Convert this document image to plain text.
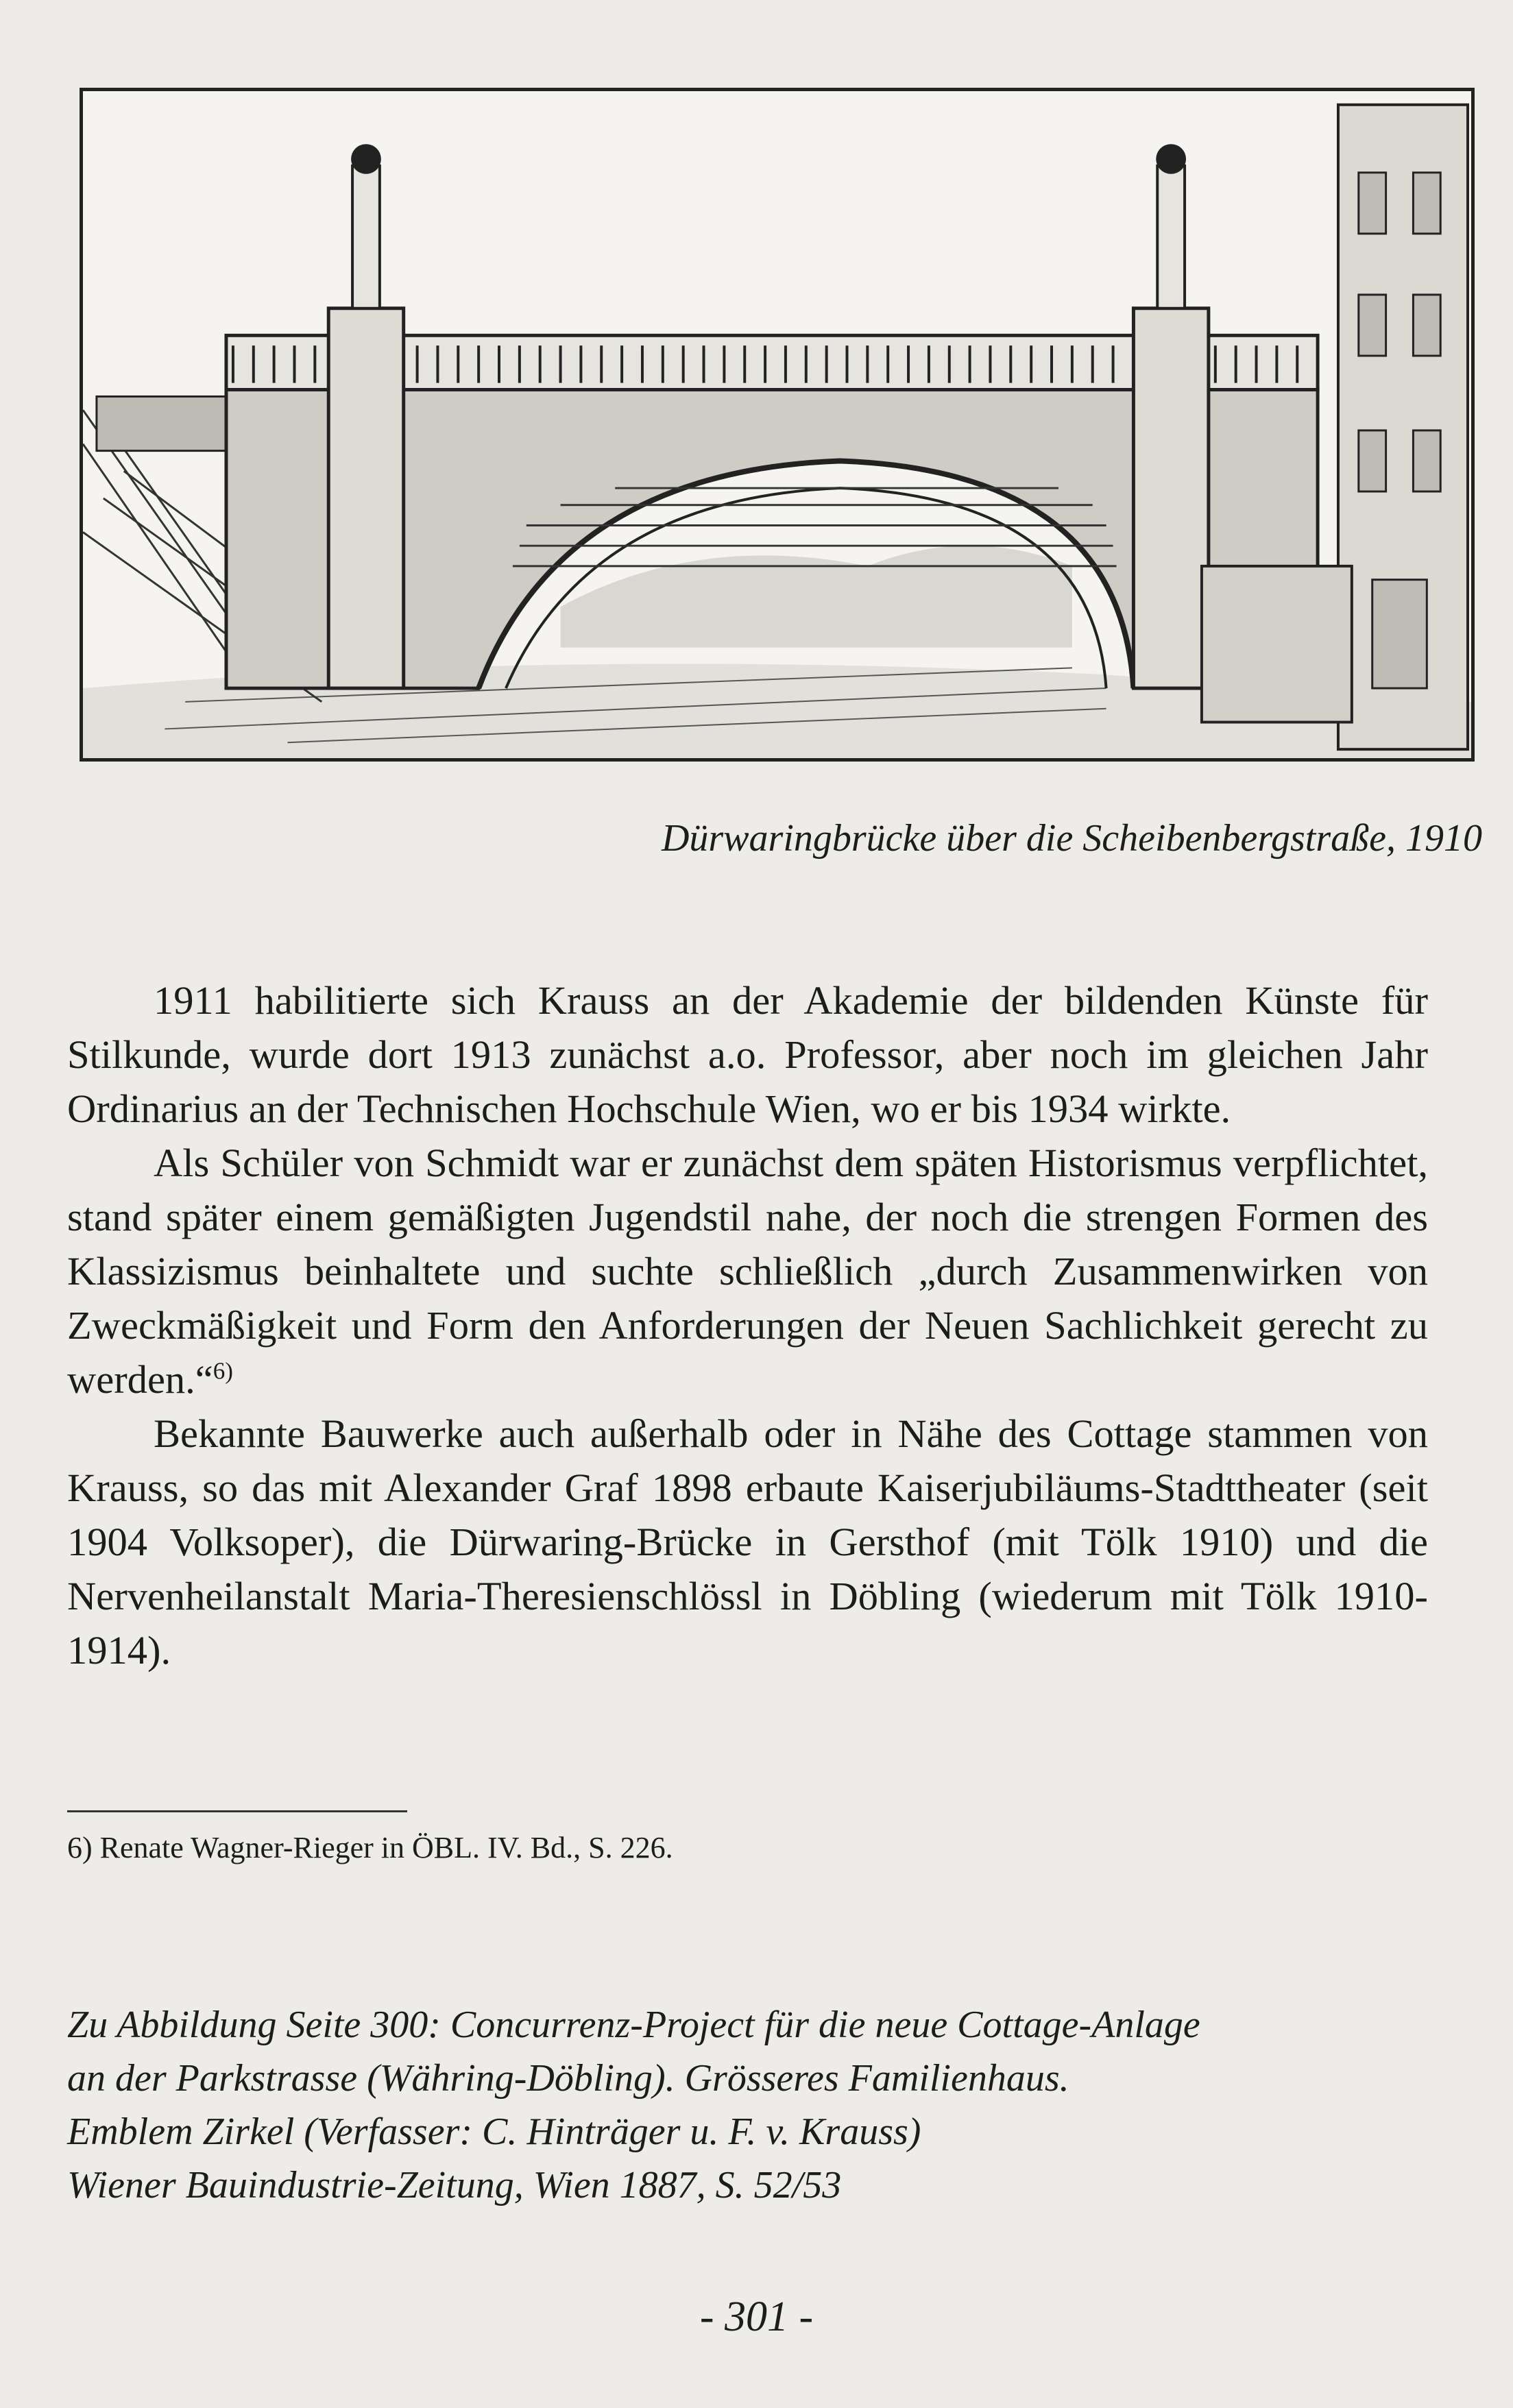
Dürwaringbrücke über die Scheibenbergstraße, 1910

1911 habilitierte sich Krauss an der Akademie der bildenden Künste für Stilkunde, wurde dort 1913 zunächst a.o. Professor, aber noch im gleichen Jahr Ordinarius an der Technischen Hochschule Wien, wo er bis 1934 wirkte.

Als Schüler von Schmidt war er zunächst dem späten Historismus verpflichtet, stand später einem gemäßigten Jugendstil nahe, der noch die strengen Formen des Klassizismus beinhaltete und suchte schließlich „durch Zusammenwirken von Zweckmäßigkeit und Form den Anforderungen der Neuen Sachlichkeit gerecht zu werden.“$^{6)}$

Bekannte Bauwerke auch außerhalb oder in Nähe des Cottage stammen von Krauss, so das mit Alexander Graf 1898 erbaute Kaiserjubiläums-Stadttheater (seit 1904 Volksoper), die Dürwaring-Brücke in Gersthof (mit Tölk 1910) und die Nervenheilanstalt Maria-Theresienschlössl in Döbling (wiederum mit Tölk 1910-1914).

6) Renate Wagner-Rieger in ÖBL. IV. Bd., S. 226.
Zu Abbildung Seite 300: Concurrenz-Project für die neue Cottage-Anlage
an der Parkstrasse (Währing-Döbling). Grösseres Familienhaus.
Emblem Zirkel (Verfasser: C. Hinträger u. F. v. Krauss)
Wiener Bauindustrie-Zeitung, Wien 1887, S. 52/53
- 301 -
